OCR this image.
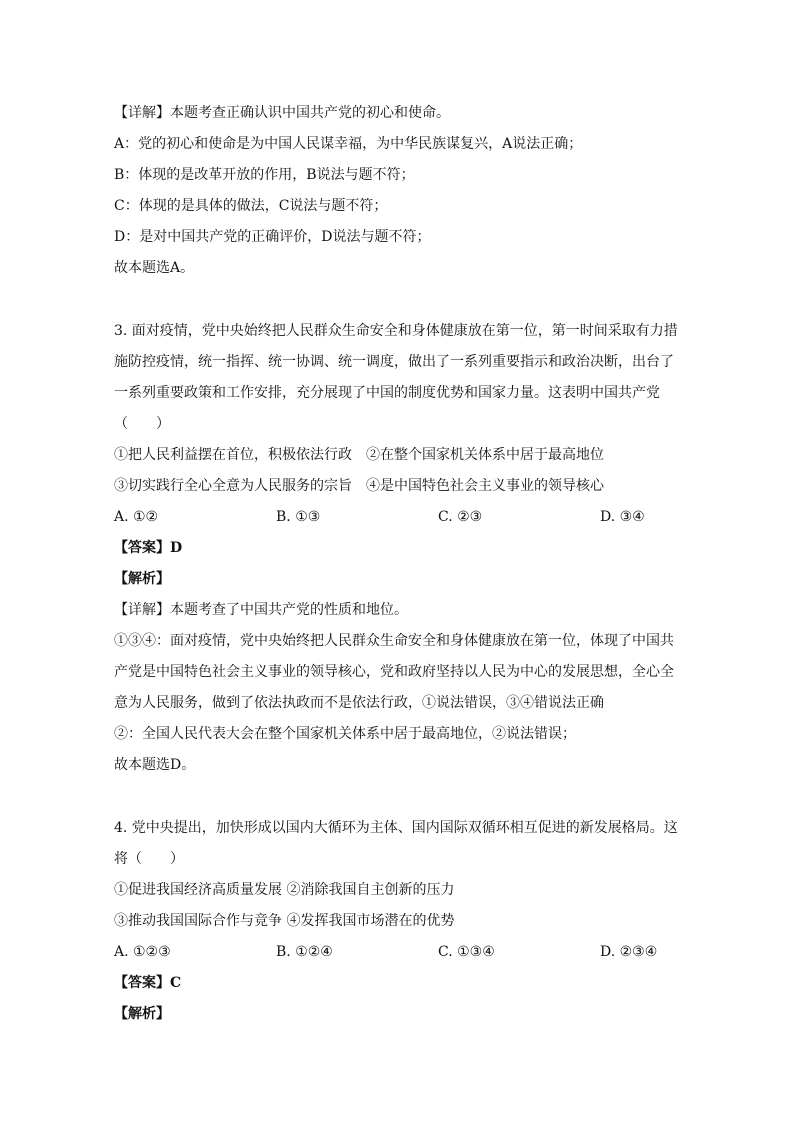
【详解】本题考查正确认识中国共产党的初心和使命。
A：党的初心和使命是为中国人民谋幸福，为中华民族谋复兴，A说法正确；
B：体现的是改革开放的作用，B说法与题不符；
C：体现的是具体的做法，C说法与题不符；
D：是对中国共产党的正确评价，D说法与题不符；
故本题选A。
3. 面对疫情，党中央始终把人民群众生命安全和身体健康放在第一位，第一时间采取有力措
施防控疫情，统一指挥、统一协调、统一调度，做出了一系列重要指示和政治决断，出台了
一系列重要政策和工作安排，充分展现了中国的制度优势和国家力量。这表明中国共产党
（　　）
①把人民利益摆在首位，积极依法行政　②在整个国家机关体系中居于最高地位
③切实践行全心全意为人民服务的宗旨　④是中国特色社会主义事业的领导核心
A. ①②	B. ①③	C. ②③	D. ③④
【答案】D
【解析】
【详解】本题考查了中国共产党的性质和地位。
①③④：面对疫情，党中央始终把人民群众生命安全和身体健康放在第一位，体现了中国共
产党是中国特色社会主义事业的领导核心，党和政府坚持以人民为中心的发展思想，全心全
意为人民服务，做到了依法执政而不是依法行政，①说法错误，③④错说法正确
②：全国人民代表大会在整个国家机关体系中居于最高地位，②说法错误；
故本题选D。
4. 党中央提出，加快形成以国内大循环为主体、国内国际双循环相互促进的新发展格局。这
将（　　）
①促进我国经济高质量发展 ②消除我国自主创新的压力
③推动我国国际合作与竞争 ④发挥我国市场潜在的优势
A. ①②③	B. ①②④	C. ①③④	D. ②③④
【答案】C
【解析】
